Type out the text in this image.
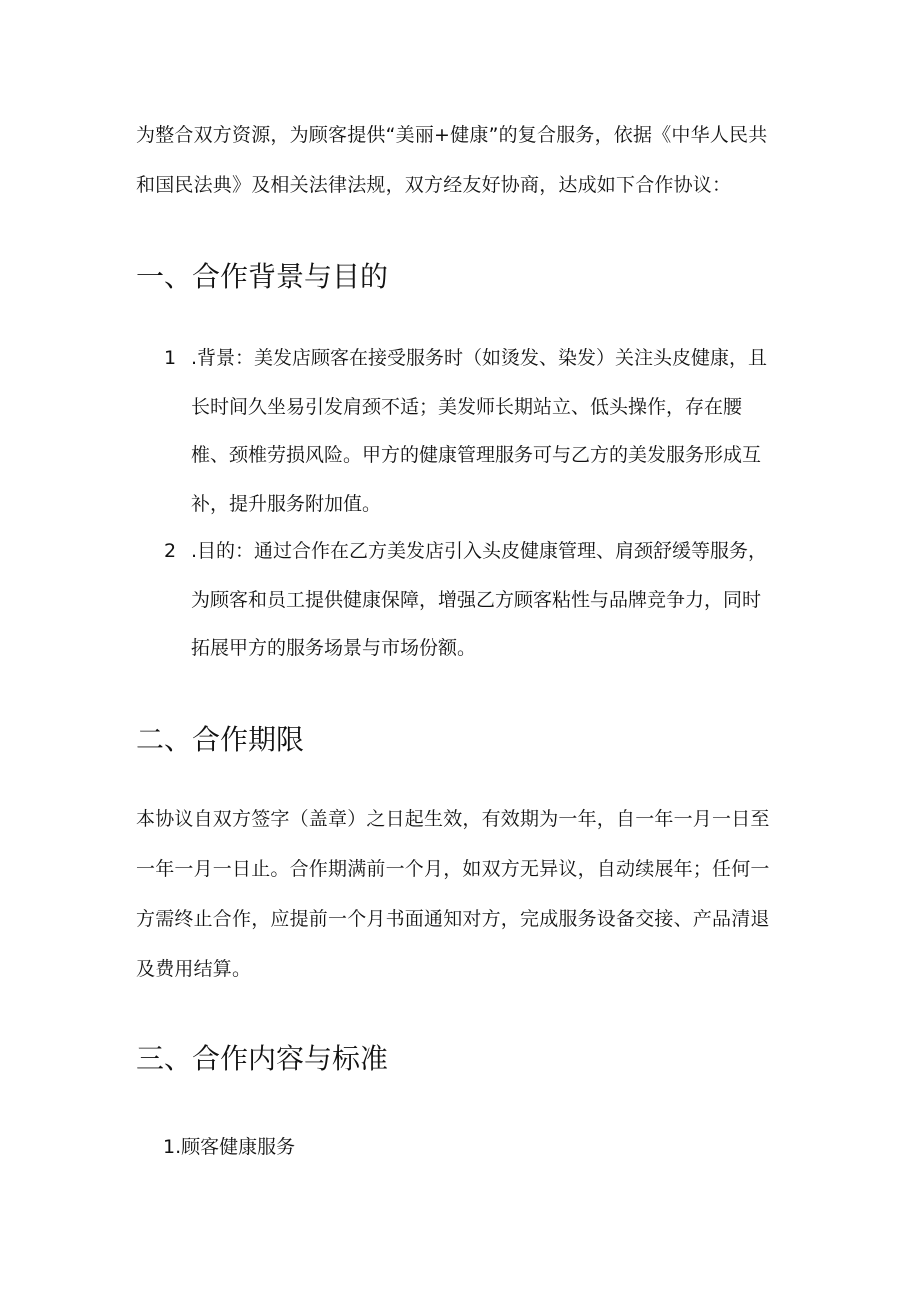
为整合双方资源，为顾客提供“美丽+健康”的复合服务，依据《中华人民共和国民法典》及相关法律法规，双方经友好协商，达成如下合作协议：

一、合作背景与目的
1 .背景：美发店顾客在接受服务时（如烫发、染发）关注头皮健康，且长时间久坐易引发肩颈不适；美发师长期站立、低头操作，存在腰椎、颈椎劳损风险。甲方的健康管理服务可与乙方的美发服务形成互补，提升服务附加值。
2 .目的：通过合作在乙方美发店引入头皮健康管理、肩颈舒缓等服务，为顾客和员工提供健康保障，增强乙方顾客粘性与品牌竞争力，同时拓展甲方的服务场景与市场份额。
二、合作期限

本协议自双方签字（盖章）之日起生效，有效期为一年，自一年一月一日至一年一月一日止。合作期满前一个月，如双方无异议，自动续展年；任何一方需终止合作，应提前一个月书面通知对方，完成服务设备交接、产品清退及费用结算。

三、合作内容与标准

1.顾客健康服务
